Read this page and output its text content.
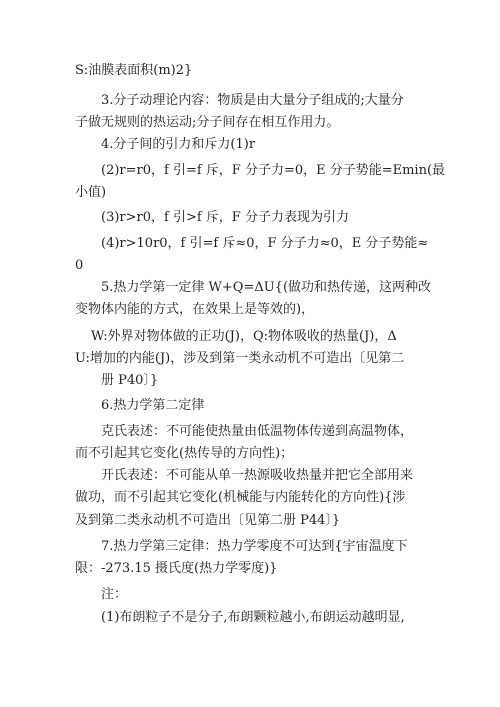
S:油膜表面积(m)2}
3.分子动理论内容：物质是由大量分子组成的;大量分
子做无规则的热运动;分子间存在相互作用力。
4.分子间的引力和斥力(1)r
(2)r=r0，f 引=f 斥，F 分子力=0，E 分子势能=Emin(最
小值)
(3)r>r0，f 引>f 斥，F 分子力表现为引力
(4)r>10r0，f 引=f 斥≈0，F 分子力≈0，E 分子势能≈
0
5.热力学第一定律 W+Q=ΔU{(做功和热传递，这两种改
变物体内能的方式，在效果上是等效的)，
W:外界对物体做的正功(J)，Q:物体吸收的热量(J)，Δ
U:增加的内能(J)，涉及到第一类永动机不可造出〔见第二
册 P40〕}
6.热力学第二定律
克氏表述：不可能使热量由低温物体传递到高温物体，
而不引起其它变化(热传导的方向性)；
开氏表述：不可能从单一热源吸收热量并把它全部用来
做功，而不引起其它变化(机械能与内能转化的方向性){涉
及到第二类永动机不可造出〔见第二册 P44〕}
7.热力学第三定律：热力学零度不可达到{宇宙温度下
限：-273.15 摄氏度(热力学零度)}
注：
(1)布朗粒子不是分子,布朗颗粒越小,布朗运动越明显,
